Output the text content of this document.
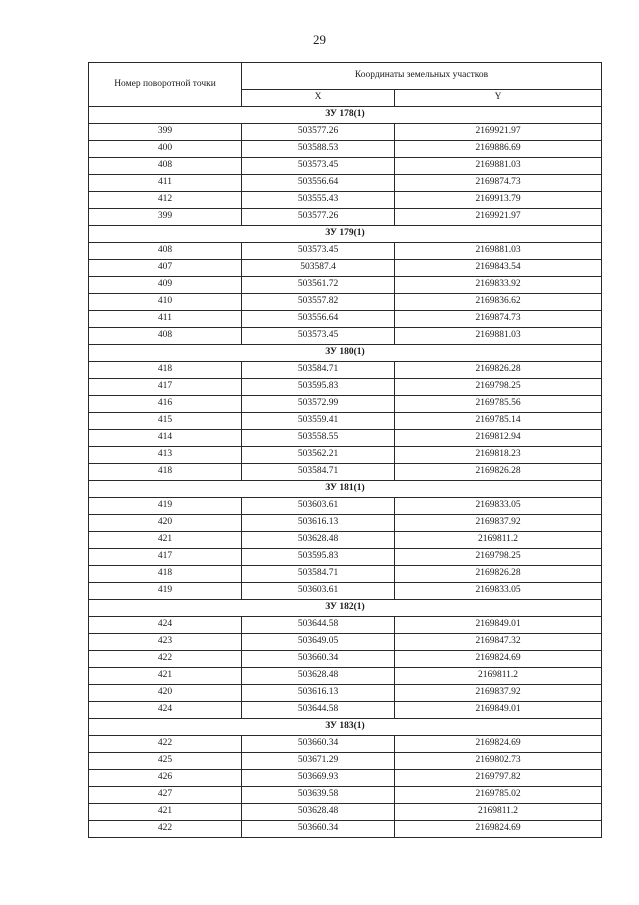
29
Номер поворотной точки	Координаты земельных участков	
	X	Y
ЗУ 178(1)		
399	503577.26	2169921.97
400	503588.53	2169886.69
408	503573.45	2169881.03
411	503556.64	2169874.73
412	503555.43	2169913.79
399	503577.26	2169921.97
ЗУ 179(1)		
408	503573.45	2169881.03
407	503587.4	2169843.54
409	503561.72	2169833.92
410	503557.82	2169836.62
411	503556.64	2169874.73
408	503573.45	2169881.03
ЗУ 180(1)		
418	503584.71	2169826.28
417	503595.83	2169798.25
416	503572.99	2169785.56
415	503559.41	2169785.14
414	503558.55	2169812.94
413	503562.21	2169818.23
418	503584.71	2169826.28
ЗУ 181(1)		
419	503603.61	2169833.05
420	503616.13	2169837.92
421	503628.48	2169811.2
417	503595.83	2169798.25
418	503584.71	2169826.28
419	503603.61	2169833.05
ЗУ 182(1)		
424	503644.58	2169849.01
423	503649.05	2169847.32
422	503660.34	2169824.69
421	503628.48	2169811.2
420	503616.13	2169837.92
424	503644.58	2169849.01
ЗУ 183(1)		
422	503660.34	2169824.69
425	503671.29	2169802.73
426	503669.93	2169797.82
427	503639.58	2169785.02
421	503628.48	2169811.2
422	503660.34	2169824.69
